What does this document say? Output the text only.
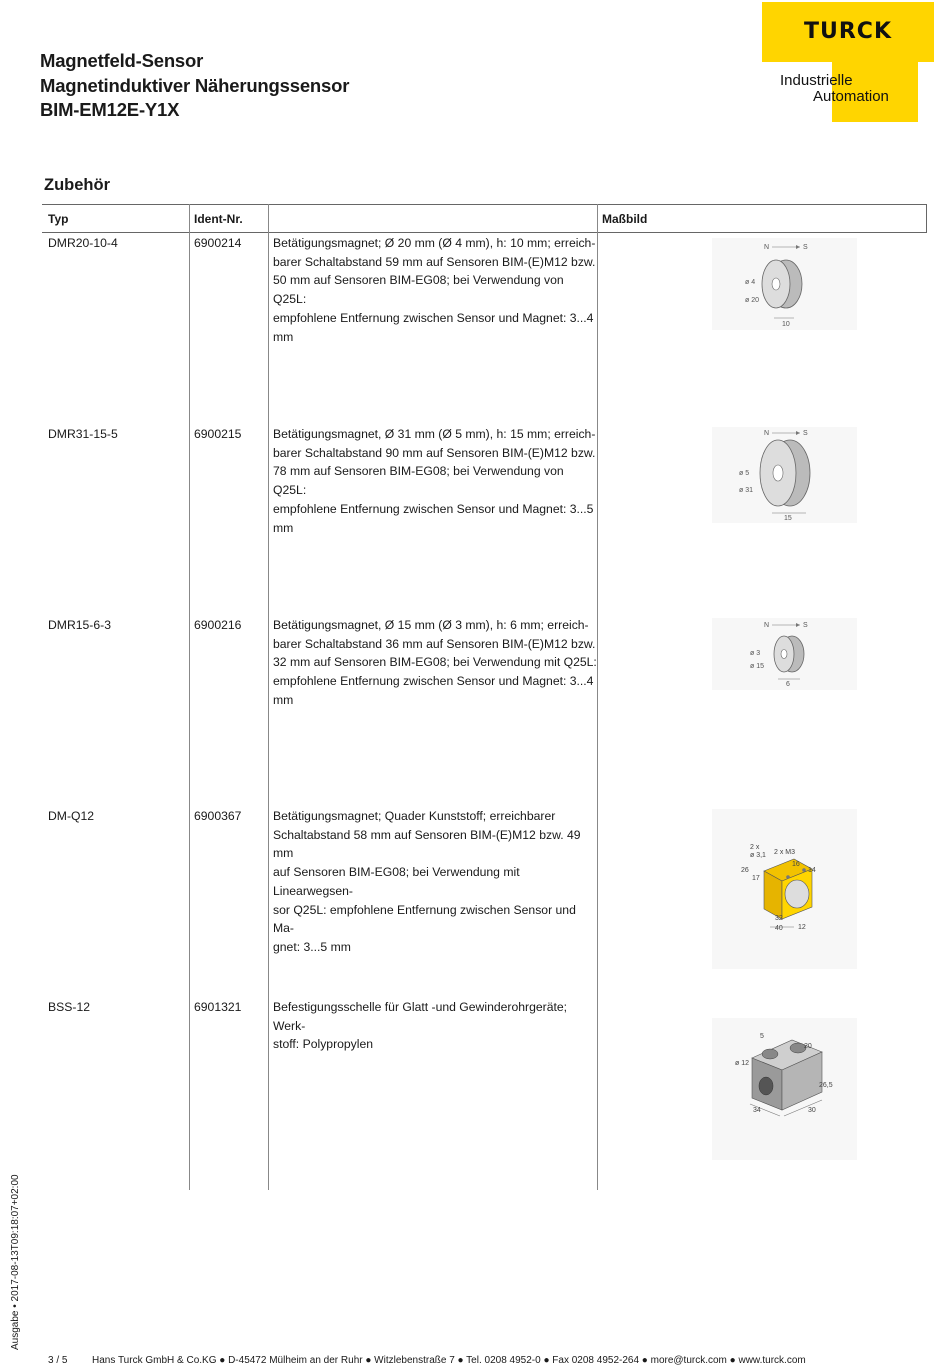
Magnetfeld-Sensor
Magnetinduktiver Näherungssensor
BIM-EM12E-Y1X
TURCK
Industrielle
Automation
Zubehör
Typ	Ident-Nr.	Maßbild
DMR20-10-4	6900214	Betätigungsmagnet; Ø 20 mm (Ø 4 mm), h: 10 mm; erreich-
barer Schaltabstand 59 mm auf Sensoren BIM-(E)M12 bzw.
50 mm auf Sensoren BIM-EG08; bei Verwendung von Q25L:
empfohlene Entfernung zwischen Sensor und Magnet: 3...4
mm
N	S
ø 4
ø 20
10
DMR31-15-5	6900215	Betätigungsmagnet, Ø 31 mm (Ø 5 mm), h: 15 mm; erreich-
barer Schaltabstand 90 mm auf Sensoren BIM-(E)M12 bzw.
78 mm auf Sensoren BIM-EG08; bei Verwendung von Q25L:
empfohlene Entfernung zwischen Sensor und Magnet: 3...5
mm
N	S
ø 5
ø 31
15
DMR15-6-3	6900216	Betätigungsmagnet, Ø 15 mm (Ø 3 mm), h: 6 mm; erreich-
barer Schaltabstand 36 mm auf Sensoren BIM-(E)M12 bzw.
32 mm auf Sensoren BIM-EG08; bei Verwendung mit Q25L:
empfohlene Entfernung zwischen Sensor und Magnet: 3...4
mm
N	S
ø 3
ø 15
6
DM-Q12	6900367	Betätigungsmagnet; Quader Kunststoff; erreichbarer
Schaltabstand 58 mm auf Sensoren BIM-(E)M12 bzw. 49 mm
auf Sensoren BIM-EG08; bei Verwendung mit Linearwegsen-
sor Q25L: empfohlene Entfernung zwischen Sensor und Ma-
gnet: 3...5 mm
2 x ø 3,1 2 x M3
26
17
16
14
32
40 12
BSS-12	6901321	Befestigungsschelle für Glatt -und Gewinderohrgeräte; Werk-
stoff: Polypropylen
5
20
ø 12
26,5
34	30
Ausgabe • 2017-08-13T09:18:07+02:00
3 / 5 Hans Turck GmbH & Co.KG ● D-45472 Mülheim an der Ruhr ● Witzlebenstraße 7 ● Tel. 0208 4952-0 ● Fax 0208 4952-264 ● more@turck.com ● www.turck.com
